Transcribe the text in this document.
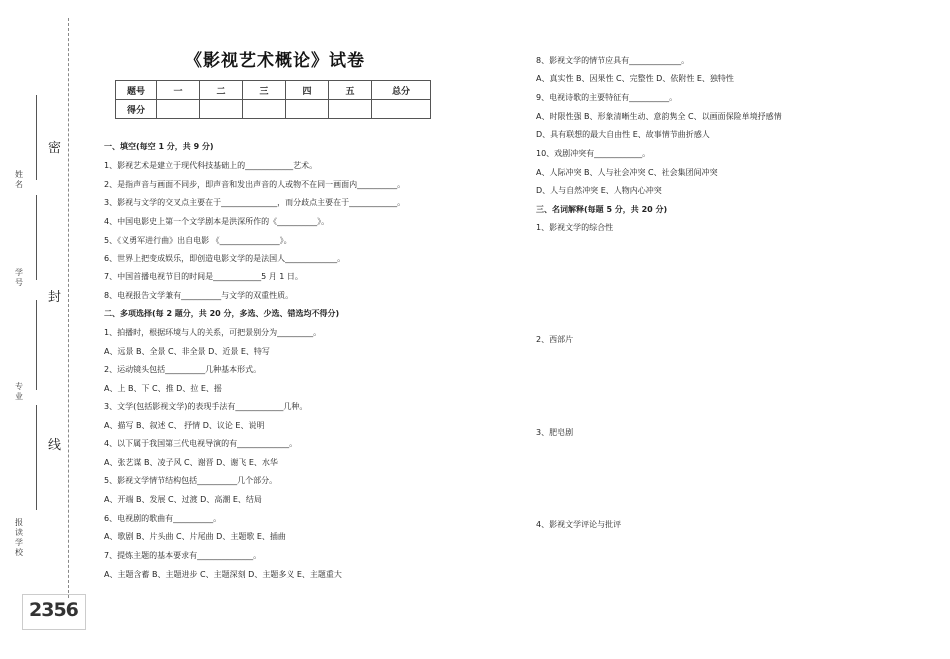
密
封
线
姓名
学号
专业
报读学校
2356
《影视艺术概论》试卷
题号	一	二	三	四	五	总分
得分						
一、填空(每空 1 分，共 9 分)
1、影视艺术是建立于现代科技基础上的____________艺术。
2、是指声音与画面不同步，即声音和发出声音的人或物不在同一画面内__________。
3、影视与文学的交叉点主要在于______________，而分歧点主要在于____________。
4、中国电影史上第一个文学剧本是洪深所作的《__________》。
5、《义勇军进行曲》出自电影 《_______________》。
6、世界上把变成娱乐，即创造电影文学的是法国人_____________。
7、中国首播电视节目的时间是____________5 月 1 日。
8、电视报告文学兼有__________与文学的双重性质。
二、多项选择(每 2 题分，共 20 分，多选、少选、错选均不得分)
1、拍播时，根据环境与人的关系，可把景别分为_________。
A、远景 B、全景 C、非全景 D、近景 E、特写
2、运动镜头包括__________几种基本形式。
A、上 B、下 C、推 D、拉 E、摇
3、文学(包括影视文学)的表现手法有____________几种。
A、描写 B、叙述 C、 抒情 D、议论 E、说明
4、以下属于我国第三代电视导演的有_____________。
A、张艺谋 B、凌子风 C、谢晋 D、谢飞 E、水华
5、影视文学情节结构包括__________几个部分。
A、开端 B、发展 C、过渡 D、高潮 E、结局
6、电视剧的歌曲有__________。
A、歌剧 B、片头曲 C、片尾曲 D、主题歌 E、插曲
7、提炼主题的基本要求有______________。
A、主题含蓄 B、主题进步 C、主题深刻 D、主题多义 E、主题重大
8、影视文学的情节应具有_____________。
A、真实性 B、因果性 C、完整性 D、依附性 E、独特性
9、电视诗歌的主要特征有__________。
A、时限性强 B、形象清晰生动、意韵隽全 C、以画面保险单境抒感情
D、具有联想的最大自由性 E、故事情节曲折感人
10、戏剧冲突有____________。
A、人际冲突 B、人与社会冲突 C、社会集团间冲突
D、人与自然冲突 E、人物内心冲突
三、名词解释(每题 5 分，共 20 分)
1、影视文学的综合性
2、西部片
3、肥皂剧
4、影视文学评论与批评
